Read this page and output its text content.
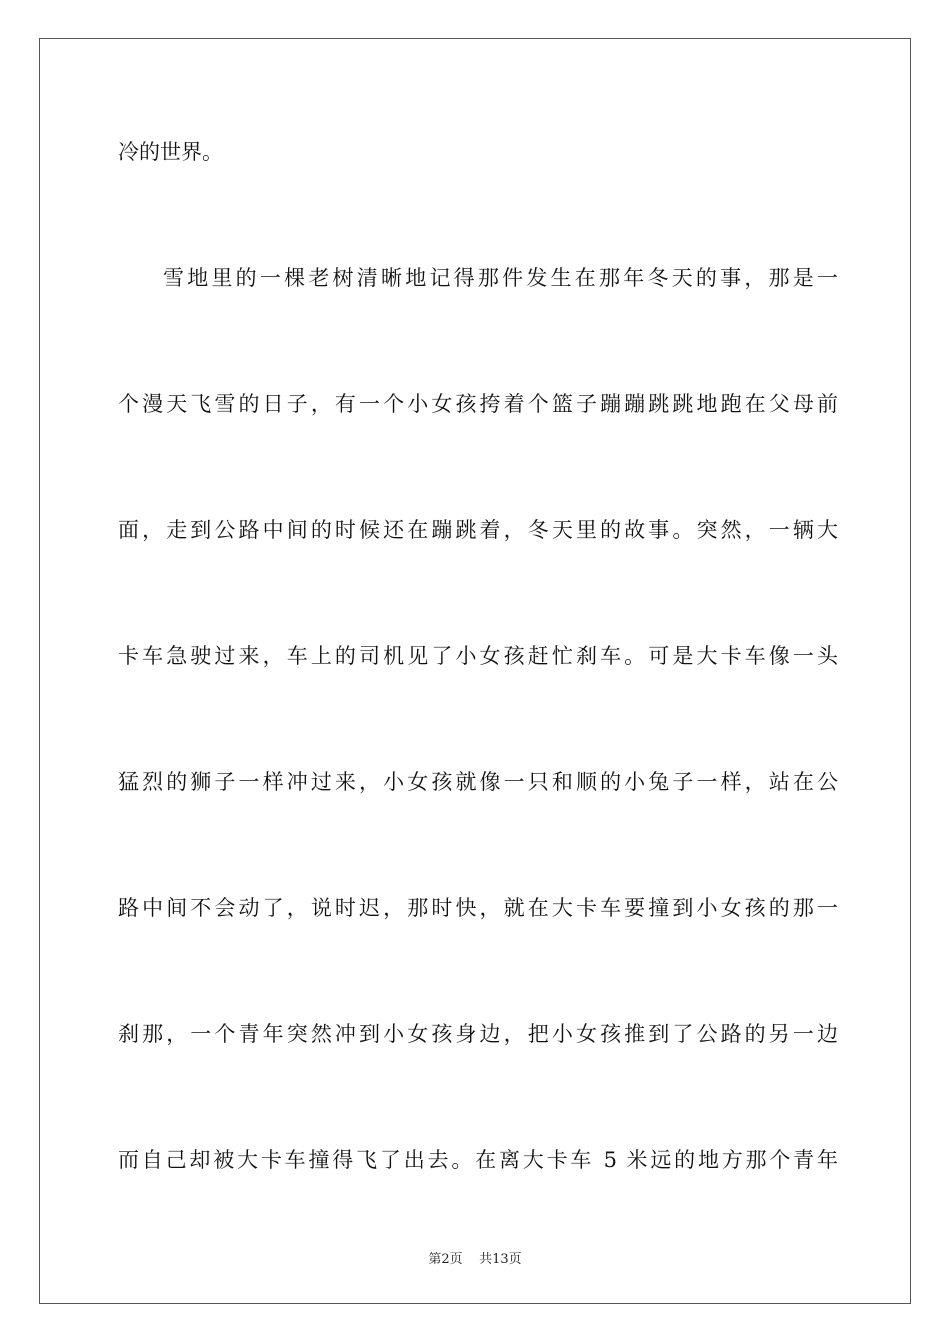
冷的世界。
雪地里的一棵老树清晰地记得那件发生在那年冬天的事，那是一
个漫天飞雪的日子，有一个小女孩挎着个篮子蹦蹦跳跳地跑在父母前
面，走到公路中间的时候还在蹦跳着，冬天里的故事。突然，一辆大
卡车急驶过来，车上的司机见了小女孩赶忙刹车。可是大卡车像一头
猛烈的狮子一样冲过来，小女孩就像一只和顺的小兔子一样，站在公
路中间不会动了，说时迟，那时快，就在大卡车要撞到小女孩的那一
刹那，一个青年突然冲到小女孩身边，把小女孩推到了公路的另一边
而自己却被大卡车撞得飞了出去。在离大卡车 5 米远的地方那个青年
第2页 共13页
